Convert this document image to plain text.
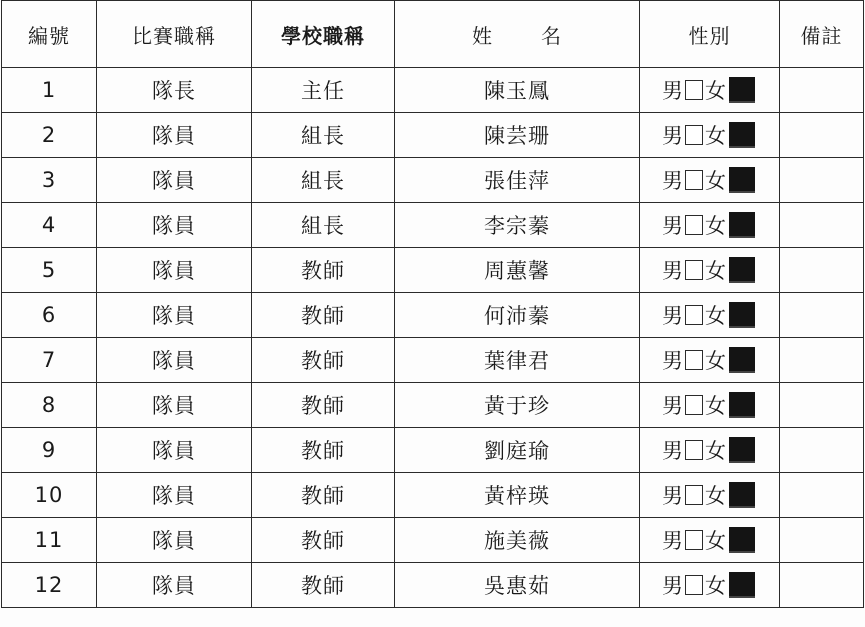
編號	比賽職稱	學校職稱	姓 名	性別	備註
1	隊長	主任	陳玉鳳	男 女	

2	隊員	組長	陳芸珊	男 女	

3	隊員	組長	張佳萍	男 女	

4	隊員	組長	李宗蓁	男 女	

5	隊員	教師	周蕙馨	男 女	

6	隊員	教師	何沛蓁	男 女	

7	隊員	教師	葉律君	男 女	

8	隊員	教師	黃于珍	男 女	

9	隊員	教師	劉庭瑜	男 女	

10	隊員	教師	黃梓瑛	男 女	

11	隊員	教師	施美薇	男 女	

12	隊員	教師	吳惠茹	男 女	
